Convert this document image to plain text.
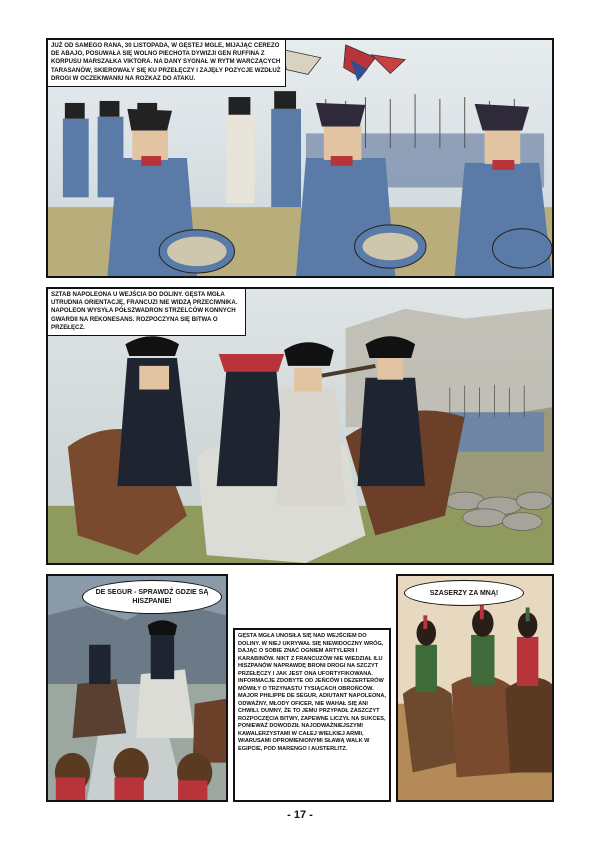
JUŻ OD SAMEGO RANA, 30 LISTOPADA, W GĘSTEJ MGLE, MIJAJĄC CEREZO DE ABAJO, POSUWAŁA SIĘ WOLNO PIECHOTA DYWIZJI GEN RUFFINA Z KORPUSU MARSZAŁKA VIKTORA. NA DANY SYGNAŁ W RYTM WARCZĄCYCH TARASANÓW, SKIEROWAŁY SIĘ KU PRZEŁĘCZY I ZAJĘŁY POZYCJE WZDŁUŻ DROGI W OCZEKIWANIU NA ROZKAZ DO ATAKU.
SZTAB NAPOLEONA U WEJŚCIA DO DOLINY. GĘSTA MGŁA UTRUDNIA ORIENTACJĘ, FRANCUZI NIE WIDZĄ PRZECIWNIKA. NAPOLEON WYSYŁA PÓŁSZWADRON STRZELCÓW KONNYCH GWARDII NA REKONESANS. ROZPOCZYNA SIĘ BITWA O PRZEŁĘCZ.
DE SEGUR - SPRAWDŹ GDZIE SĄ HISZPANIE!
GĘSTA MGŁA UNOSIŁA SIĘ NAD WEJŚCIEM DO DOLINY. W NIEJ UKRYWAŁ SIĘ NIEWIDOCZNY WRÓG, DAJĄC O SOBIE ZNAĆ OGNIEM ARTYLERII I KARABINÓW. NIKT Z FRANCUZÓW NIE WIEDZIAŁ ILU HISZPANÓW NAPRAWDĘ BRONI DROGI NA SZCZYT PRZEŁĘCZY I JAK JEST ONA UFORTYFIKOWANA. INFORMACJE ZDOBYTE OD JEŃCÓW I DEZERTERÓW MÓWIŁY O TRZYNASTU TYSIĄCACH OBROŃCÓW. MAJOR PHILIPPE DE SEGUR, ADIUTANT NAPOLEONA, ODWAŻNY, MŁODY OFICER, NIE WAHAŁ SIĘ ANI CHWILI. DUMNY, ŻE TO JEMU PRZYPADŁ ZASZCZYT ROZPOCZĘCIA BITWY, ZAPEWNE LICZYŁ NA SUKCES, PONIEWAŻ DOWODZIŁ NAJODWAŻNIEJSZYMI KAWALERZYSTAMI W CAŁEJ WIELKIEJ ARMII, WIARUSAMI OPROMIENIONYMI SŁAWĄ WALK W EGIPCIE, POD MARENGO I AUSTERLITZ.
SZASERZY ZA MNĄ!
- 17 -
